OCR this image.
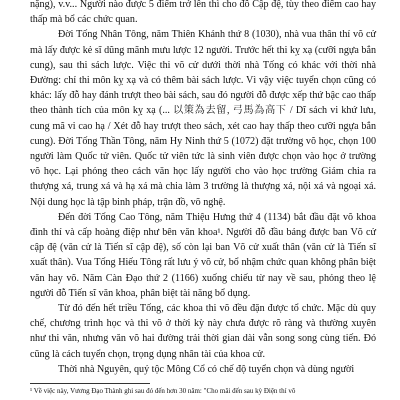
nặng), v.v... Người nào được 5 điểm trở lên thì cho đỗ Cập đệ, tùy theo điểm cao hay thấp mà bổ các chức quan.

Đời Tống Nhân Tông, năm Thiên Khánh thứ 8 (1030), nhà vua thân thí võ cử mà lấy được kẻ sĩ dũng mãnh mưu lược 12 người. Trước hết thi kỵ xạ (cưỡi ngựa bắn cung), sau thi sách lược. Việc thi võ cử dưới thời nhà Tống có khác với thời nhà Đường: chỉ thi môn kỵ xạ và có thêm bài sách lược. Vì vậy việc tuyển chọn cũng có khác: lấy đỗ hay đánh trượt theo bài sách, sau đó người đỗ được xếp thứ bậc cao thấp theo thành tích của môn kỵ xạ (... 以策為去留, 弓馬為高下 / Dĩ sách vi khứ lưu, cung mã vi cao hạ / Xét đỗ hay trượt theo sách, xét cao hay thấp theo cưỡi ngựa bắn cung). Đời Tống Thần Tông, năm Hy Ninh thứ 5 (1072) đặt trường võ học, chọn 100 người làm Quốc tử viên. Quốc tử viên tức là sinh viên được chọn vào học ở trường võ học. Lại phỏng theo cách văn học lấy người cho vào học trường Giám chia ra thượng xá, trung xá và hạ xá mà chia làm 3 trường là thượng xá, nội xá và ngoại xá. Nội dung học là tập binh pháp, trận đồ, võ nghệ.

Đến đời Tống Cao Tông, năm Thiệu Hưng thứ 4 (1134) bắt đầu đặt võ khoa đình thí và cấp hoàng điệp như bên văn khoa¹. Người đỗ đầu bảng được ban Võ cử cập đệ (văn cử là Tiến sĩ cập đệ), số còn lại ban Võ cử xuất thân (văn cử là Tiến sĩ xuất thân). Vua Tống Hiếu Tông rất lưu ý võ cử, bổ nhậm chức quan không phân biệt văn hay võ. Năm Càn Đạo thứ 2 (1166) xuống chiếu từ nay về sau, phỏng theo lệ người đỗ Tiến sĩ văn khoa, phân biệt tài năng bổ dụng.

Từ đó đến hết triều Tống, các khoa thi võ đều đặn được tổ chức. Mặc dù quy chế, chương trình học và thi võ ở thời kỳ này chưa được rõ ràng và thường xuyên như thi văn, nhưng văn võ hai đường trải thời gian dài vẫn song song cùng tiến. Đó cũng là cách tuyển chọn, trọng dụng nhân tài của khoa cử.

Thời nhà Nguyên, quý tộc Mông Cổ có chế độ tuyển chọn và dùng người

¹ Về việc này, Vương Đạo Thành ghi sau đó đến hơn 30 năm: "Cho mãi đến sau kỳ Điện thí võ
